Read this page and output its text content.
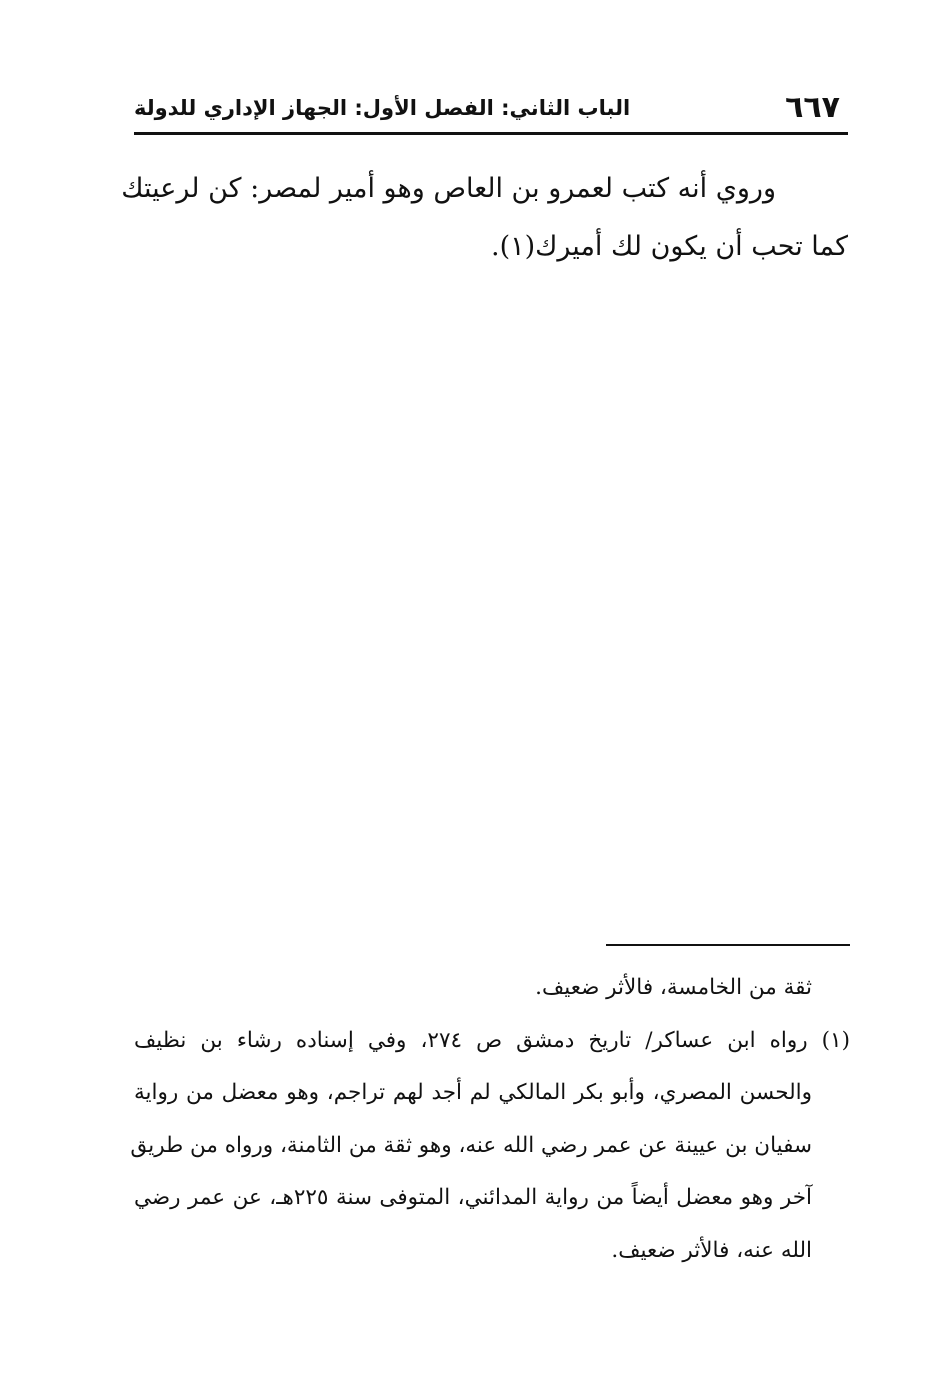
الباب الثاني: الفصل الأول: الجهاز الإداري للدولة	٦٦٧
وروي أنه كتب لعمرو بن العاص وهو أمير لمصر: كن لرعيتك
كما تحب أن يكون لك أميرك(١).
ثقة من الخامسة، فالأثر ضعيف.
(١) رواه ابن عساكر/ تاريخ دمشق ص ٢٧٤، وفي إسناده رشاء بن نظيف
والحسن المصري، وأبو بكر المالكي لم أجد لهم تراجم، وهو معضل من رواية
سفيان بن عيينة عن عمر رضي الله عنه، وهو ثقة من الثامنة، ورواه من طريق
آخر وهو معضل أيضاً من رواية المدائني، المتوفى سنة ٢٢٥هـ، عن عمر رضي
الله عنه، فالأثر ضعيف.
